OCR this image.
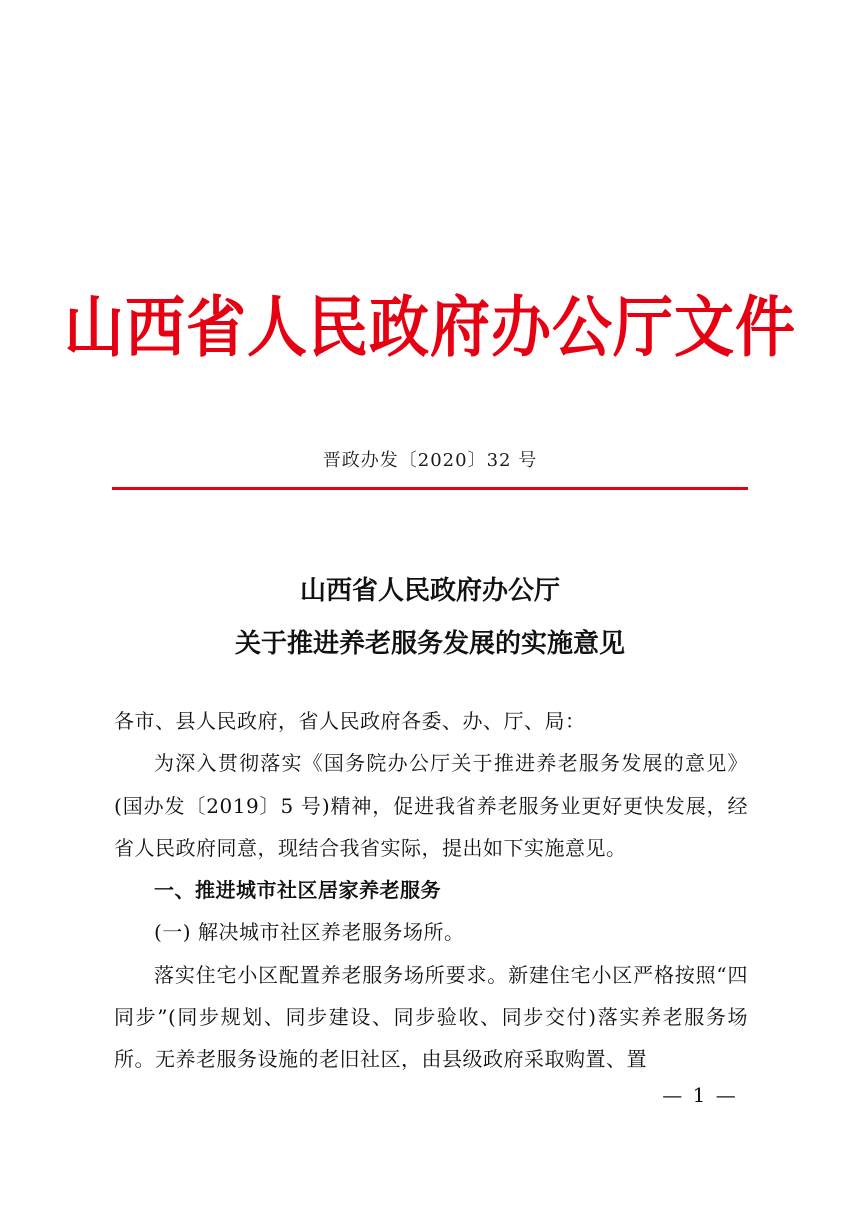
山西省人民政府办公厅文件
晋政办发〔2020〕32 号
山西省人民政府办公厅
关于推进养老服务发展的实施意见

各市、县人民政府，省人民政府各委、办、厅、局：

为深入贯彻落实《国务院办公厅关于推进养老服务发展的意见》(国办发〔2019〕5 号)精神，促进我省养老服务业更好更快发展，经省人民政府同意，现结合我省实际，提出如下实施意见。

一、推进城市社区居家养老服务

(一) 解决城市社区养老服务场所。

落实住宅小区配置养老服务场所要求。新建住宅小区严格按照“四同步”(同步规划、同步建设、同步验收、同步交付)落实养老服务场所。无养老服务设施的老旧社区，由县级政府采取购置、置

— 1 —
